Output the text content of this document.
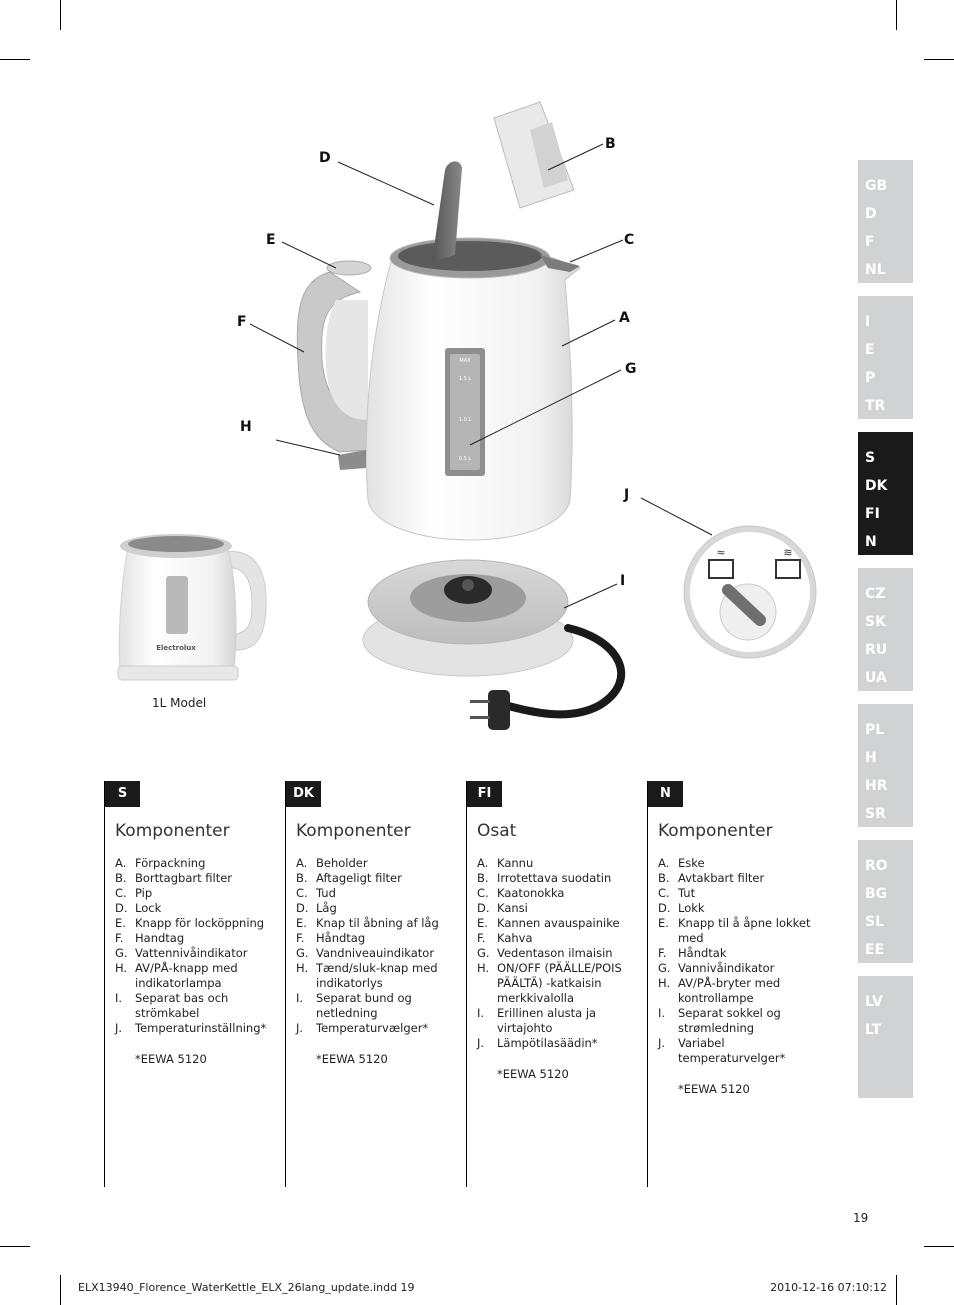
GB
D
F
NL
I
E
P
TR
S
DK
FI
N
CZ
SK
RU
UA
PL
H
HR
SR
RO
BG
SL
EE
LV
LT
MAX
1.5 L
1.0 L
0.5 L
≈	≋
Electrolux
D
B
E	C
F	A
G
H
J
I
1L Model
S
Komponenter
A. Förpackning
B. Borttagbart filter
C. Pip
D. Lock
E. Knapp för locköppning
F. Handtag
G. Vattennivåindikator
H. AV/PÅ-knapp med indikatorlampa
I. Separat bas och strömkabel
J. Temperaturinställning*
*EEWA 5120
DK
Komponenter
A. Beholder
B. Aftageligt filter
C. Tud
D. Låg
E. Knap til åbning af låg
F. Håndtag
G. Vandniveauindikator
H. Tænd/sluk-knap med indikatorlys
I. Separat bund og netledning
J. Temperaturvælger*
*EEWA 5120
FI
Osat
A. Kannu
B. Irrotettava suodatin
C. Kaatonokka
D. Kansi
E. Kannen avauspainike
F. Kahva
G. Vedentason ilmaisin
H. ON/OFF (PÄÄLLE/POIS PÄÄLTÄ) -katkaisin merkkivalolla
I. Erillinen alusta ja virtajohto
J. Lämpötilasäädin*
*EEWA 5120
N
Komponenter
A. Eske
B. Avtakbart filter
C. Tut
D. Lokk
E. Knapp til å åpne lokket med
F. Håndtak
G. Vannivåindikator
H. AV/PÅ-bryter med kontrollampe
I. Separat sokkel og strømledning
J. Variabel temperaturvelger*
*EEWA 5120
19
ELX13940_Florence_WaterKettle_ELX_26lang_update.indd 19	2010-12-16 07:10:12
